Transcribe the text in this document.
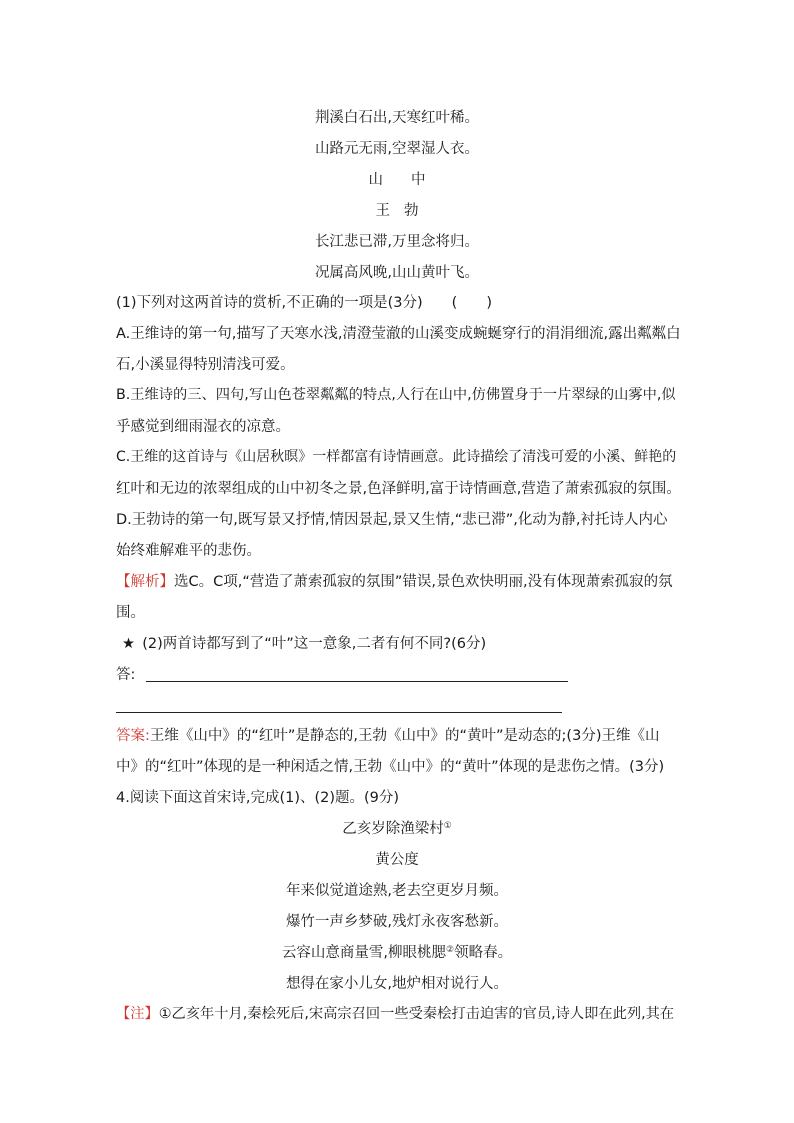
荆溪白石出,天寒红叶稀。
山路元无雨,空翠湿人衣。
山中
王勃
长江悲已滞,万里念将归。
况属高风晚,山山黄叶飞。
(1)下列对这两首诗的赏析,不正确的一项是(3分)　　(　　)
A.王维诗的第一句,描写了天寒水浅,清澄莹澈的山溪变成蜿蜒穿行的涓涓细流,露出粼粼白
石,小溪显得特别清浅可爱。
B.王维诗的三、四句,写山色苍翠粼粼的特点,人行在山中,仿佛置身于一片翠绿的山雾中,似
乎感觉到细雨湿衣的凉意。
C.王维的这首诗与《山居秋暝》一样都富有诗情画意。此诗描绘了清浅可爱的小溪、鲜艳的
红叶和无边的浓翠组成的山中初冬之景,色泽鲜明,富于诗情画意,营造了萧索孤寂的氛围。
D.王勃诗的第一句,既写景又抒情,情因景起,景又生情,“悲已滞”,化动为静,衬托诗人内心
始终难解难平的悲伤。
【解析】选C。C项,“营造了萧索孤寂的氛围”错误,景色欢快明丽,没有体现萧索孤寂的氛
围。
★ (2)两首诗都写到了“叶”这一意象,二者有何不同?(6分)
答:
答案:王维《山中》的“红叶”是静态的,王勃《山中》的“黄叶”是动态的;(3分)王维《山
中》的“红叶”体现的是一种闲适之情,王勃《山中》的“黄叶”体现的是悲伤之情。(3分)
4.阅读下面这首宋诗,完成(1)、(2)题。(9分)
乙亥岁除渔梁村①
黄公度
年来似觉道途熟,老去空更岁月频。
爆竹一声乡梦破,残灯永夜客愁新。
云容山意商量雪,柳眼桃腮②领略春。
想得在家小儿女,地炉相对说行人。
【注】①乙亥年十月,秦桧死后,宋高宗召回一些受秦桧打击迫害的官员,诗人即在此列,其在
